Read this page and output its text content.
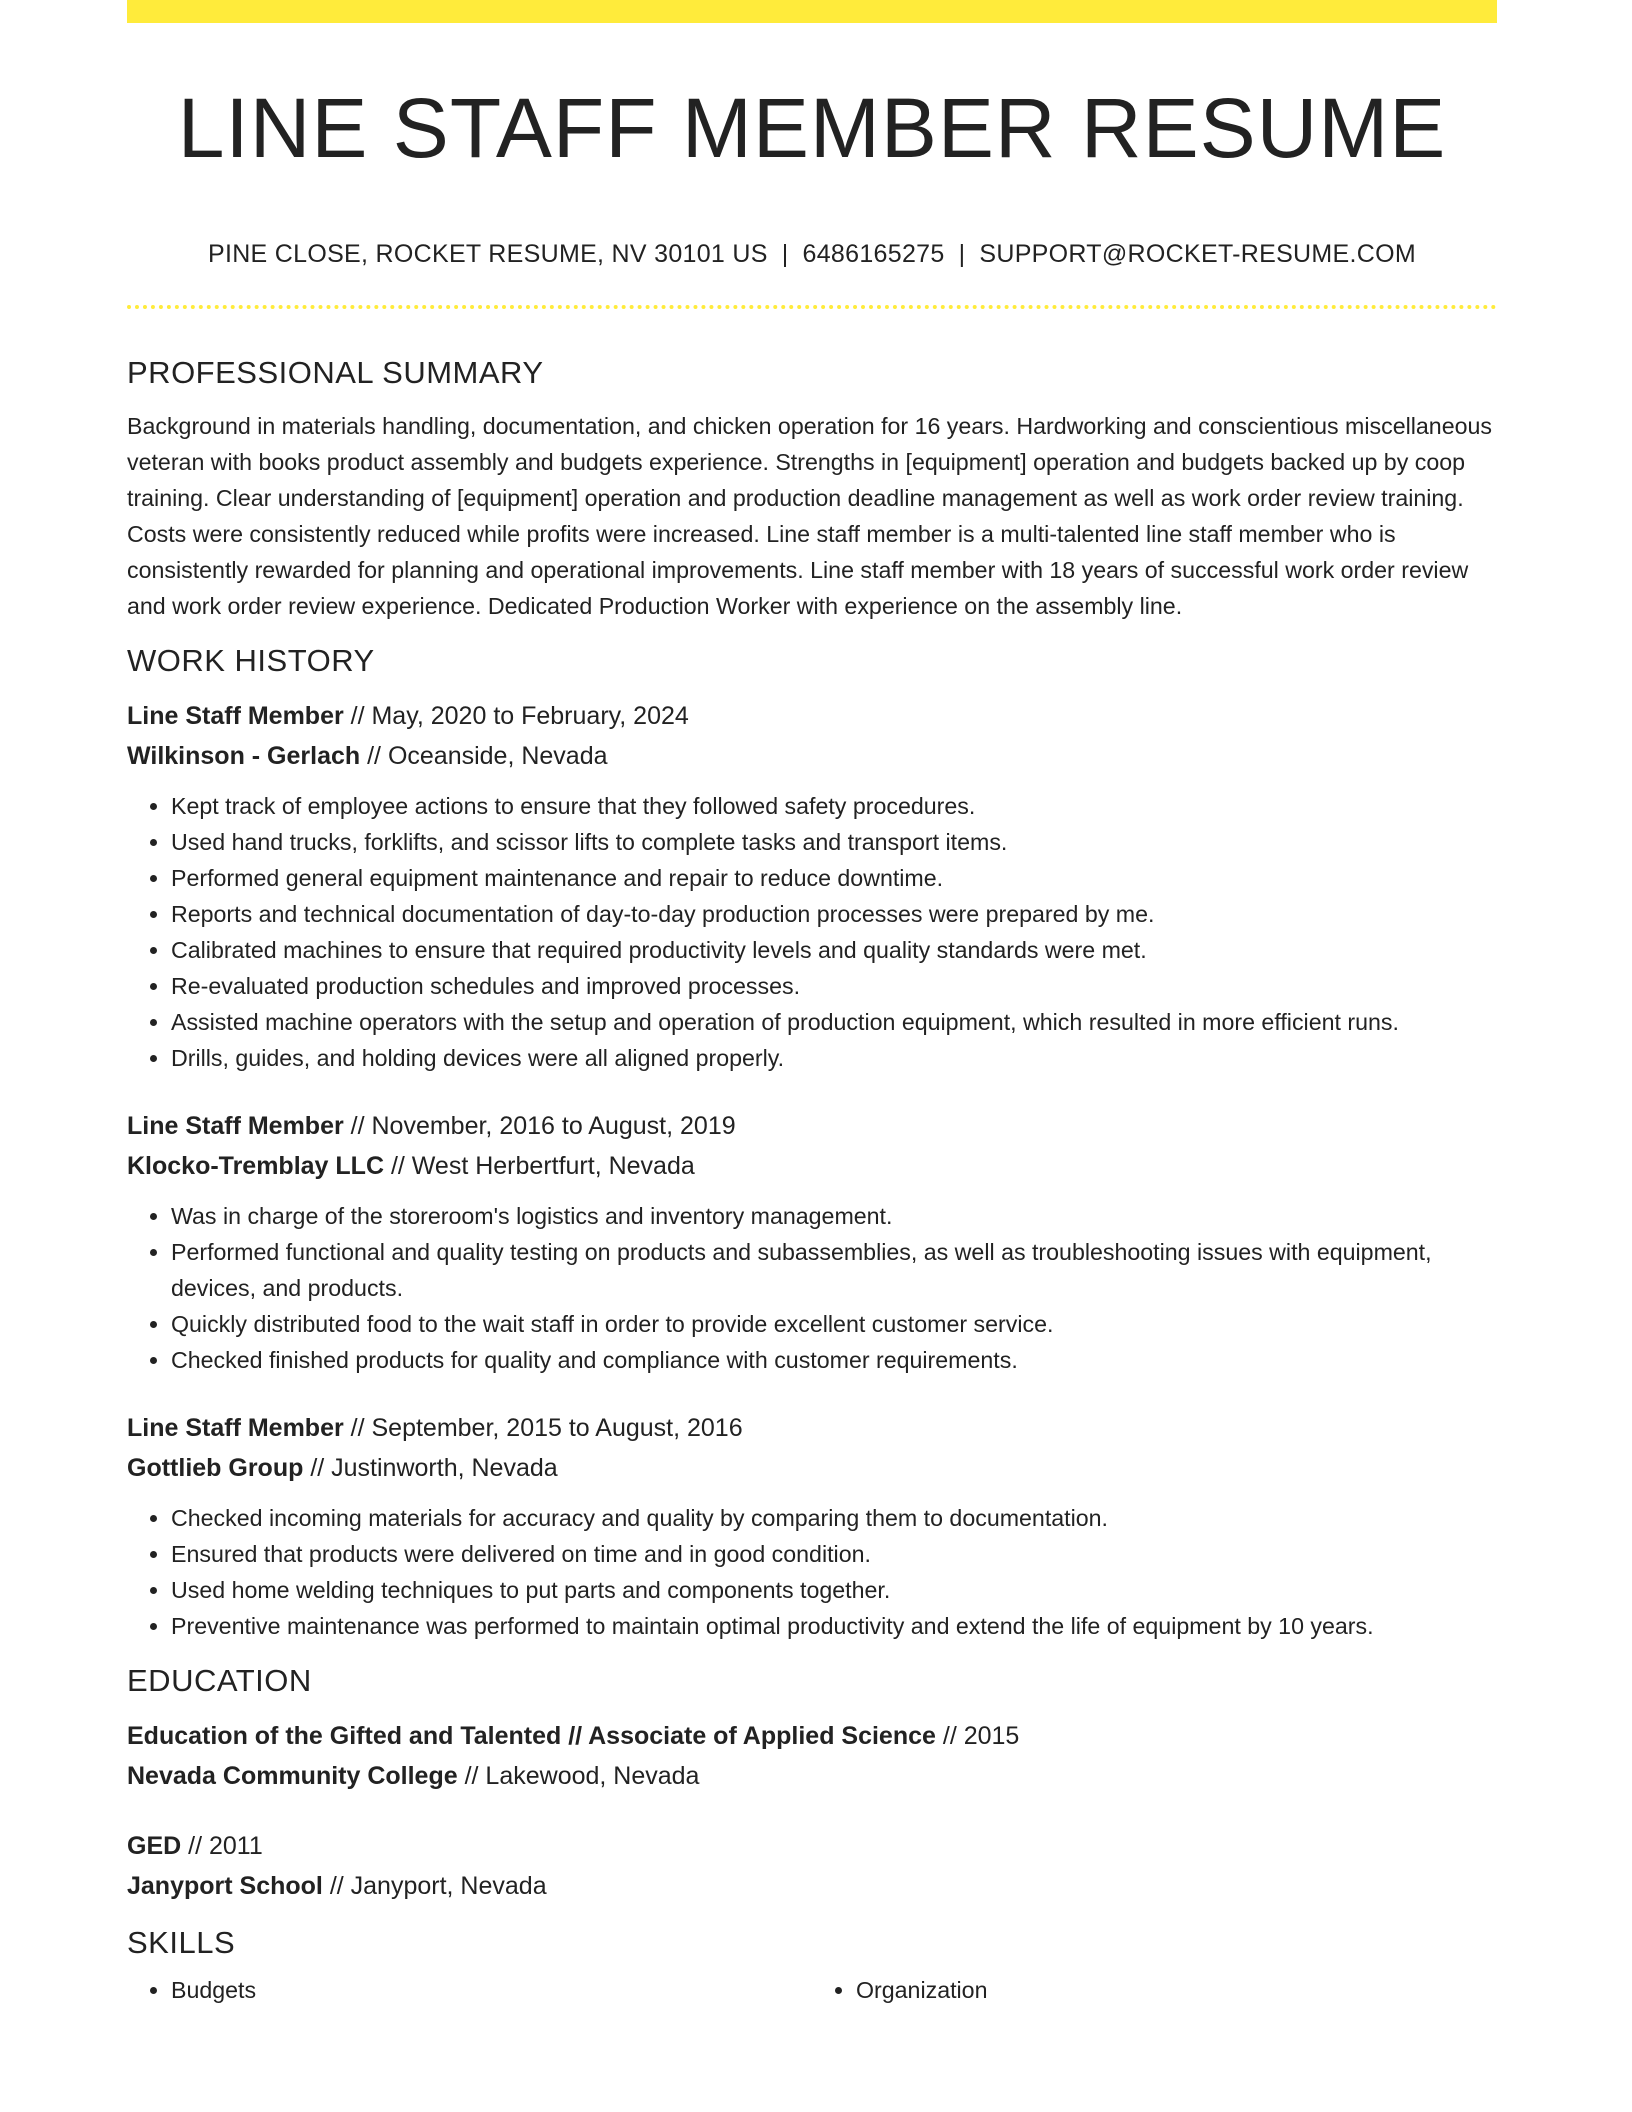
LINE STAFF MEMBER RESUME
PINE CLOSE, ROCKET RESUME, NV 30101 US | 6486165275 | SUPPORT@ROCKET-RESUME.COM
PROFESSIONAL SUMMARY

Background in materials handling, documentation, and chicken operation for 16 years. Hardworking and conscientious miscellaneous veteran with books product assembly and budgets experience. Strengths in [equipment] operation and budgets backed up by coop training. Clear understanding of [equipment] operation and production deadline management as well as work order review training. Costs were consistently reduced while profits were increased. Line staff member is a multi-talented line staff member who is consistently rewarded for planning and operational improvements. Line staff member with 18 years of successful work order review and work order review experience. Dedicated Production Worker with experience on the assembly line.

WORK HISTORY
Line Staff Member // May, 2020 to February, 2024
Wilkinson - Gerlach // Oceanside, Nevada
• Kept track of employee actions to ensure that they followed safety procedures.
• Used hand trucks, forklifts, and scissor lifts to complete tasks and transport items.
• Performed general equipment maintenance and repair to reduce downtime.
• Reports and technical documentation of day-to-day production processes were prepared by me.
• Calibrated machines to ensure that required productivity levels and quality standards were met.
• Re-evaluated production schedules and improved processes.
• Assisted machine operators with the setup and operation of production equipment, which resulted in more efficient runs.
• Drills, guides, and holding devices were all aligned properly.
Line Staff Member // November, 2016 to August, 2019
Klocko-Tremblay LLC // West Herbertfurt, Nevada
• Was in charge of the storeroom's logistics and inventory management.
• Performed functional and quality testing on products and subassemblies, as well as troubleshooting issues with equipment, devices, and products.
• Quickly distributed food to the wait staff in order to provide excellent customer service.
• Checked finished products for quality and compliance with customer requirements.
Line Staff Member // September, 2015 to August, 2016
Gottlieb Group // Justinworth, Nevada
• Checked incoming materials for accuracy and quality by comparing them to documentation.
• Ensured that products were delivered on time and in good condition.
• Used home welding techniques to put parts and components together.
• Preventive maintenance was performed to maintain optimal productivity and extend the life of equipment by 10 years.
EDUCATION
Education of the Gifted and Talented // Associate of Applied Science // 2015
Nevada Community College // Lakewood, Nevada
GED // 2011
Janyport School // Janyport, Nevada
SKILLS
• Budgets
•	Organization
